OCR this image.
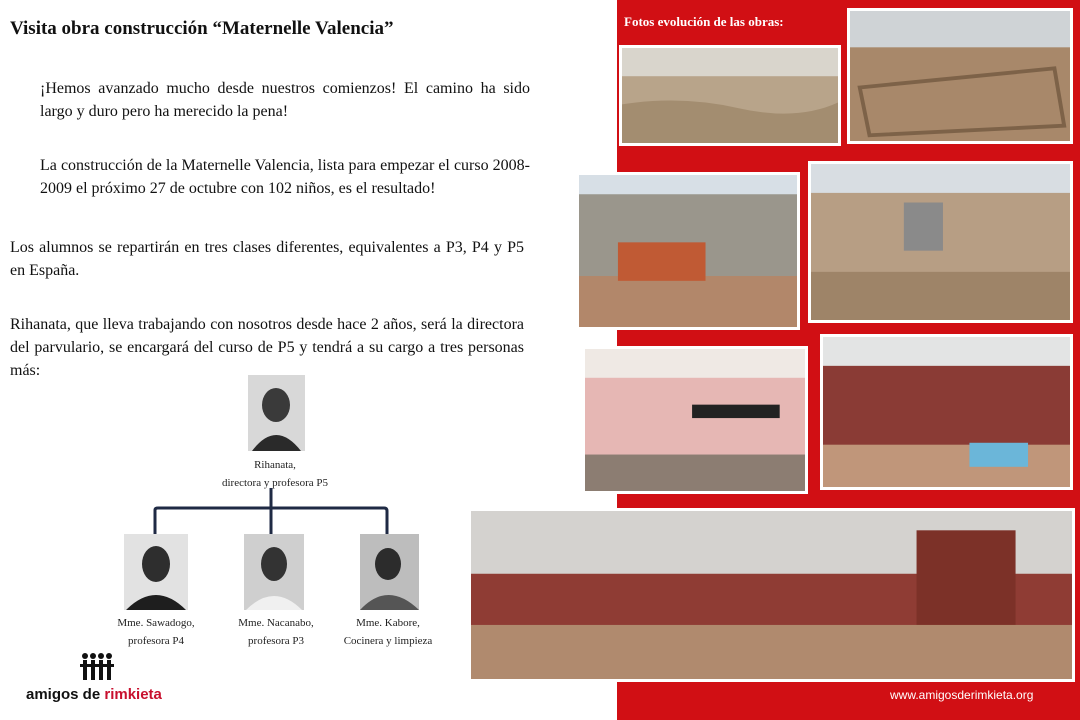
Visita obra construcción “Maternelle Valencia”
¡Hemos avanzado mucho desde nuestros comienzos! El camino ha sido largo y duro pero ha merecido la pena!
La construcción de la Maternelle Valencia, lista para empezar el curso 2008-2009 el próximo 27 de octubre con 102 niños, es el resultado!
Los alumnos se repartirán en tres clases diferentes, equivalentes a P3, P4 y P5 en España.
Rihanata, que lleva trabajando con nosotros desde hace 2 años, será la directora del parvulario, se encargará del curso de P5 y tendrá a su cargo a tres personas más:
Rihanata,
directora y profesora P5
Mme. Sawadogo,
profesora P4
Mme. Nacanabo,
profesora P3
Mme. Kabore,
Cocinera y limpieza
amigos de rimkieta
Fotos evolución de las obras:
www.amigosderimkieta.org
